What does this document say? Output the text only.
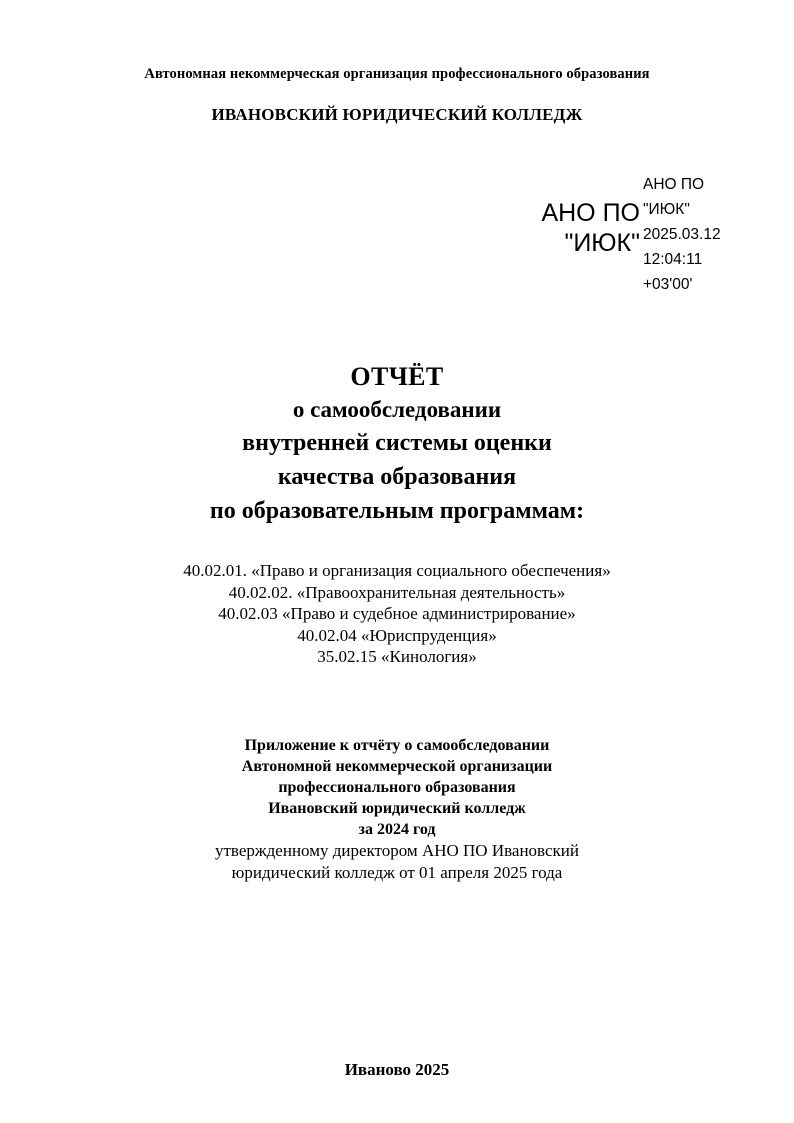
Автономная некоммерческая организация профессионального образования
ИВАНОВСКИЙ ЮРИДИЧЕСКИЙ КОЛЛЕДЖ
АНО ПО
"ИЮК"
АНО ПО
"ИЮК"
2025.03.12
12:04:11
+03'00'
ОТЧЁТ
о самообследовании
внутренней системы оценки
качества образования
по образовательным программам:
40.02.01. «Право и организация социального обеспечения»
40.02.02. «Правоохранительная деятельность»
40.02.03 «Право и судебное администрирование»
40.02.04 «Юриспруденция»
35.02.15 «Кинология»
Приложение к отчёту о самообследовании
Автономной некоммерческой организации
профессионального образования
Ивановский юридический колледж
за 2024 год
утвержденному директором АНО ПО Ивановский
юридический колледж от 01 апреля 2025 года
Иваново 2025
